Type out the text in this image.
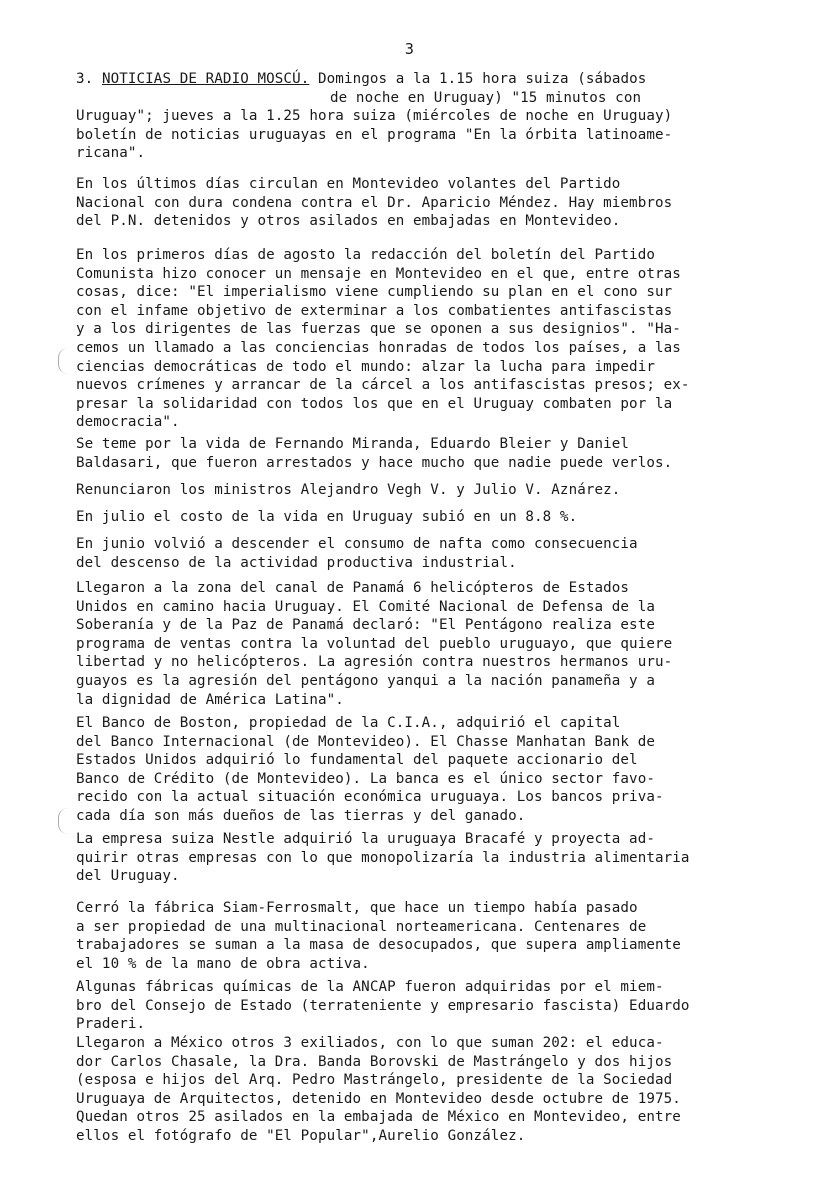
3
3. NOTICIAS DE RADIO MOSCÚ. Domingos a la 1.15 hora suiza (sábados
de noche en Uruguay) "15 minutos con
Uruguay"; jueves a la 1.25 hora suiza (miércoles de noche en Uruguay)
boletín de noticias uruguayas en el programa "En la órbita latinoame-
ricana".
En los últimos días circulan en Montevideo volantes del Partido
Nacional con dura condena contra el Dr. Aparicio Méndez. Hay miembros
del P.N. detenidos y otros asilados en embajadas en Montevideo.
En los primeros días de agosto la redacción del boletín del Partido
Comunista hizo conocer un mensaje en Montevideo en el que, entre otras
cosas, dice: "El imperialismo viene cumpliendo su plan en el cono sur
con el infame objetivo de exterminar a los combatientes antifascistas
y a los dirigentes de las fuerzas que se oponen a sus designios". "Ha-
cemos un llamado a las conciencias honradas de todos los países, a las
ciencias democráticas de todo el mundo: alzar la lucha para impedir
nuevos crímenes y arrancar de la cárcel a los antifascistas presos; ex-
presar la solidaridad con todos los que en el Uruguay combaten por la
democracia".
Se teme por la vida de Fernando Miranda, Eduardo Bleier y Daniel
Baldasari, que fueron arrestados y hace mucho que nadie puede verlos.
Renunciaron los ministros Alejandro Vegh V. y Julio V. Aznárez.
En julio el costo de la vida en Uruguay subió en un 8.8 %.
En junio volvió a descender el consumo de nafta como consecuencia
del descenso de la actividad productiva industrial.
Llegaron a la zona del canal de Panamá 6 helicópteros de Estados
Unidos en camino hacia Uruguay. El Comité Nacional de Defensa de la
Soberanía y de la Paz de Panamá declaró: "El Pentágono realiza este
programa de ventas contra la voluntad del pueblo uruguayo, que quiere
libertad y no helicópteros. La agresión contra nuestros hermanos uru-
guayos es la agresión del pentágono yanqui a la nación panameña y a
la dignidad de América Latina".
El Banco de Boston, propiedad de la C.I.A., adquirió el capital
del Banco Internacional (de Montevideo). El Chasse Manhatan Bank de
Estados Unidos adquirió lo fundamental del paquete accionario del
Banco de Crédito (de Montevideo). La banca es el único sector favo-
recido con la actual situación económica uruguaya. Los bancos priva-
cada día son más dueños de las tierras y del ganado.
La empresa suiza Nestle adquirió la uruguaya Bracafé y proyecta ad-
quirir otras empresas con lo que monopolizaría la industria alimentaria
del Uruguay.
Cerró la fábrica Siam-Ferrosmalt, que hace un tiempo había pasado
a ser propiedad de una multinacional norteamericana. Centenares de
trabajadores se suman a la masa de desocupados, que supera ampliamente
el 10 % de la mano de obra activa.
Algunas fábricas químicas de la ANCAP fueron adquiridas por el miem-
bro del Consejo de Estado (terrateniente y empresario fascista) Eduardo
Praderi.
Llegaron a México otros 3 exiliados, con lo que suman 202: el educa-
dor Carlos Chasale, la Dra. Banda Borovski de Mastrángelo y dos hijos
(esposa e hijos del Arq. Pedro Mastrángelo, presidente de la Sociedad
Uruguaya de Arquitectos, detenido en Montevideo desde octubre de 1975.
Quedan otros 25 asilados en la embajada de México en Montevideo, entre
ellos el fotógrafo de "El Popular",Aurelio González.
